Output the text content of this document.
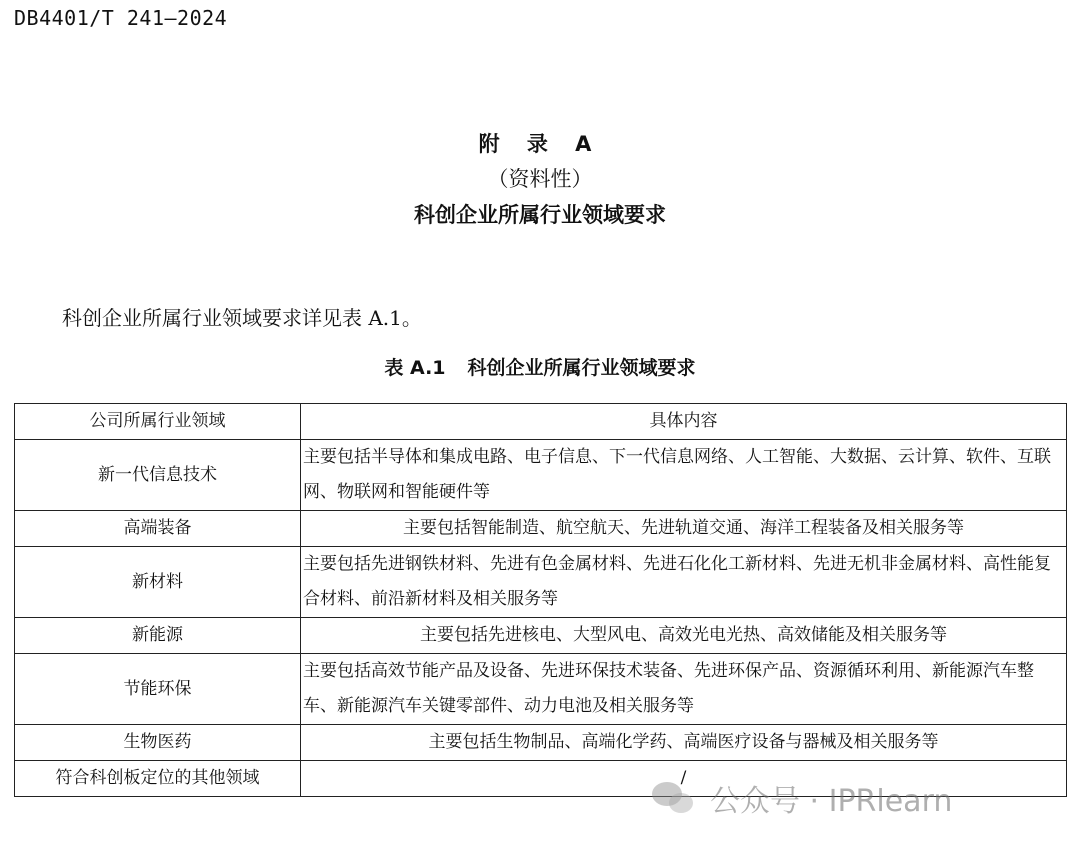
DB4401/T 241—2024
附 录 A
（资料性）
科创企业所属行业领域要求
科创企业所属行业领域要求详见表 A.1。
表 A.1 科创企业所属行业领域要求
公司所属行业领域	具体内容
新一代信息技术	主要包括半导体和集成电路、电子信息、下一代信息网络、人工智能、大数据、云计算、软件、互联网、物联网和智能硬件等
高端装备	主要包括智能制造、航空航天、先进轨道交通、海洋工程装备及相关服务等
新材料	主要包括先进钢铁材料、先进有色金属材料、先进石化化工新材料、先进无机非金属材料、高性能复合材料、前沿新材料及相关服务等
新能源	主要包括先进核电、大型风电、高效光电光热、高效储能及相关服务等
节能环保	主要包括高效节能产品及设备、先进环保技术装备、先进环保产品、资源循环利用、新能源汽车整车、新能源汽车关键零部件、动力电池及相关服务等
生物医药	主要包括生物制品、高端化学药、高端医疗设备与器械及相关服务等
符合科创板定位的其他领域	/
公众号 · IPRlearn
